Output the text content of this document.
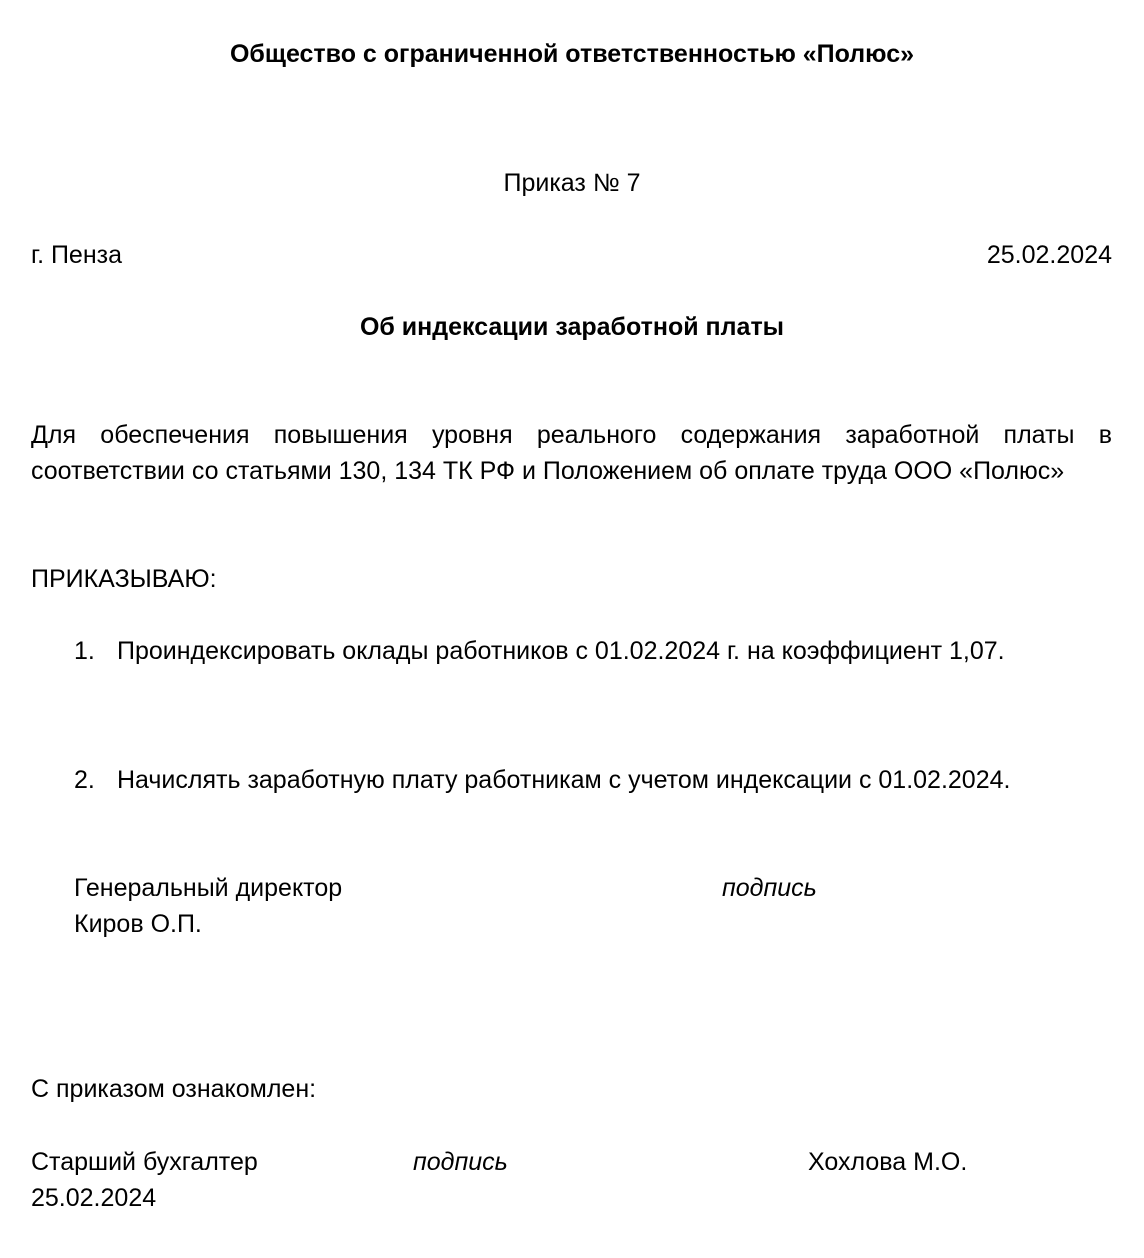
Общество с ограниченной ответственностью «Полюс»
Приказ № 7
г. Пенза	25.02.2024
Об индексации заработной платы
Для обеспечения повышения уровня реального содержания заработной платы в соответствии со статьями 130, 134 ТК РФ и Положением об оплате труда ООО «Полюс»
ПРИКАЗЫВАЮ:
1. Проиндексировать оклады работников с 01.02.2024 г. на коэффициент 1,07.
2. Начислять заработную плату работникам с учетом индексации с 01.02.2024.
Генеральный директор	подпись
Киров О.П.
С приказом ознакомлен:
Старший бухгалтер	подпись	Хохлова М.О.
25.02.2024
